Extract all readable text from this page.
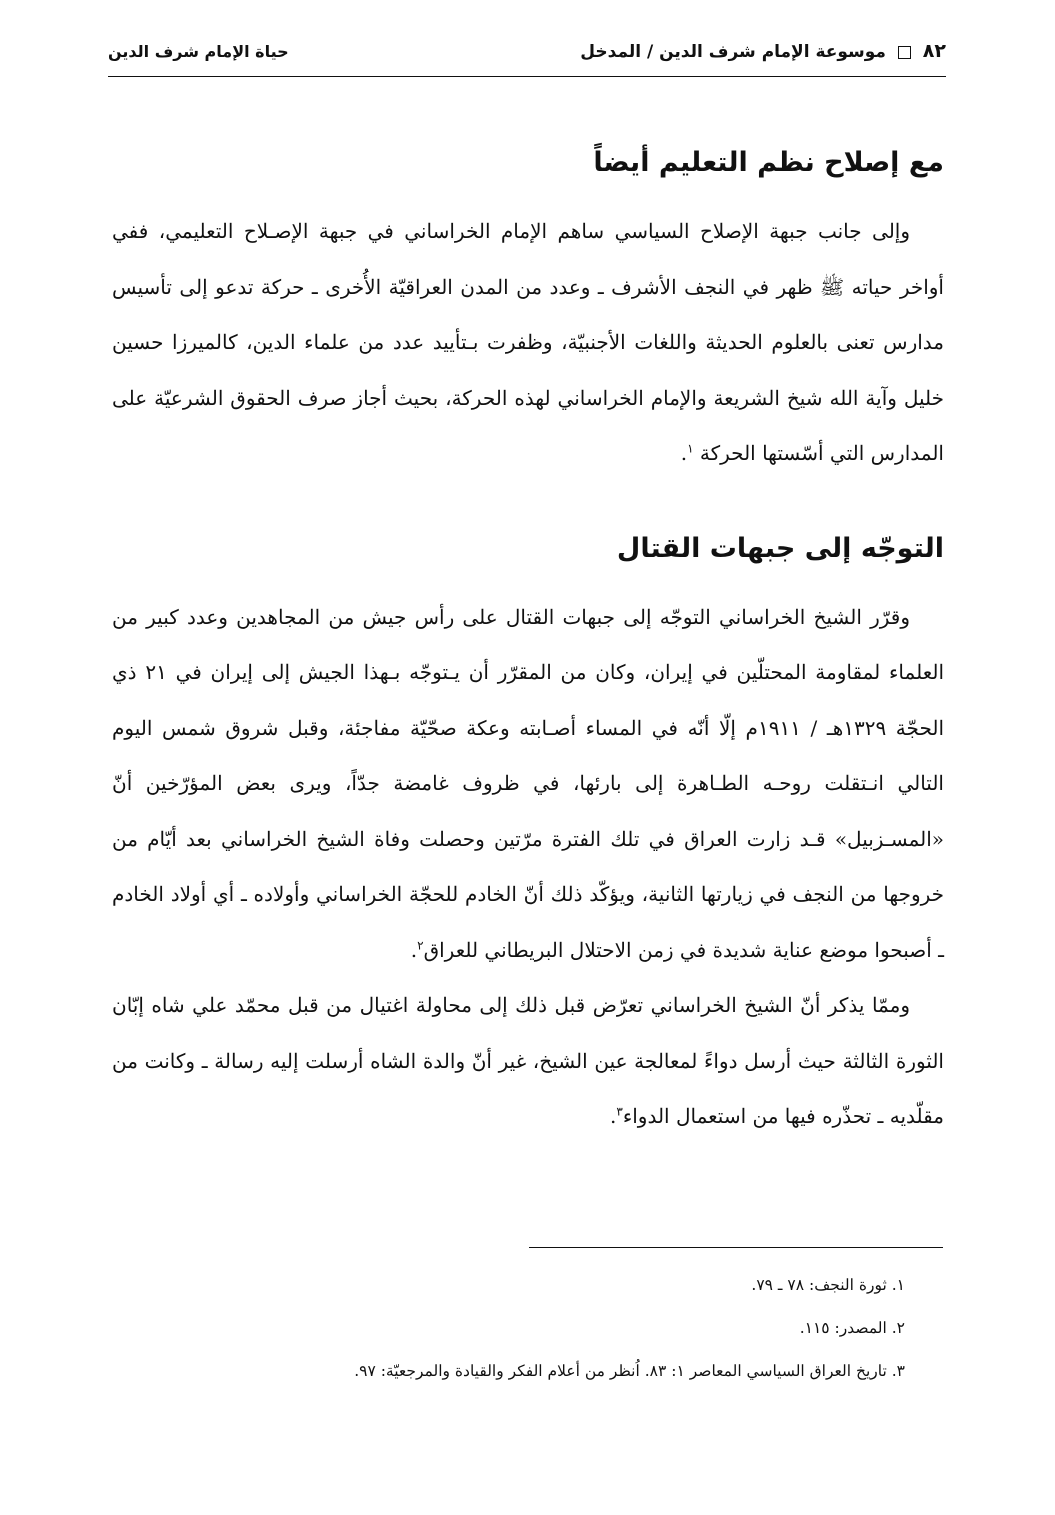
٨٢  موسوعة الإمام شرف الدين / المدخل
حياة الإمام شرف الدين
مع إصلاح نظم التعليم أيضاً

وإلى جانب جبهة الإصلاح السياسي ساهم الإمام الخراساني في جبهة الإصـلاح التعليمي، ففي أواخر حياته ﷺ ظهر في النجف الأشرف ـ وعدد من المدن العراقيّة الأُخرى ـ حركة تدعو إلى تأسيس مدارس تعنى بالعلوم الحديثة واللغات الأجنبيّة، وظفرت بـتأييد عدد من علماء الدين، كالميرزا حسين خليل وآية الله شيخ الشريعة والإمام الخراساني لهذه الحركة، بحيث أجاز صرف الحقوق الشرعيّة على المدارس التي أسّستها الحركة $^١$.

التوجّه إلى جبهات القتال

وقرّر الشيخ الخراساني التوجّه إلى جبهات القتال على رأس جيش من المجاهدين وعدد كبير من العلماء لمقاومة المحتلّين في إيران، وكان من المقرّر أن يـتوجّه بـهذا الجيش إلى إيران في ٢١ ذي الحجّة ١٣٢٩هـ / ١٩١١م إلّا أنّه في المساء أصـابته وعكة صحّيّة مفاجئة، وقبل شروق شمس اليوم التالي انـتقلت روحـه الطـاهرة إلى بارئها، في ظروف غامضة جدّاً، ويرى بعض المؤرّخين أنّ «المسـزبيل» قـد زارت العراق في تلك الفترة مرّتين وحصلت وفاة الشيخ الخراساني بعد أيّام من خروجها من النجف في زيارتها الثانية، ويؤكّد ذلك أنّ الخادم للحجّة الخراساني وأولاده ـ أي أولاد الخادم ـ أصبحوا موضع عناية شديدة في زمن الاحتلال البريطاني للعراق$^٢$.

وممّا يذكر أنّ الشيخ الخراساني تعرّض قبل ذلك إلى محاولة اغتيال من قبل محمّد علي شاه إبّان الثورة الثالثة حيث أرسل دواءً لمعالجة عين الشيخ، غير أنّ والدة الشاه أرسلت إليه رسالة ـ وكانت من مقلّديه ـ تحذّره فيها من استعمال الدواء$^٣$.

١. ثورة النجف: ٧٨ ـ ٧٩.

٢. المصدر: ١١٥.

٣. تاريخ العراق السياسي المعاصر ١: ٨٣. اُنظر من أعلام الفكر والقيادة والمرجعيّة: ٩٧.
